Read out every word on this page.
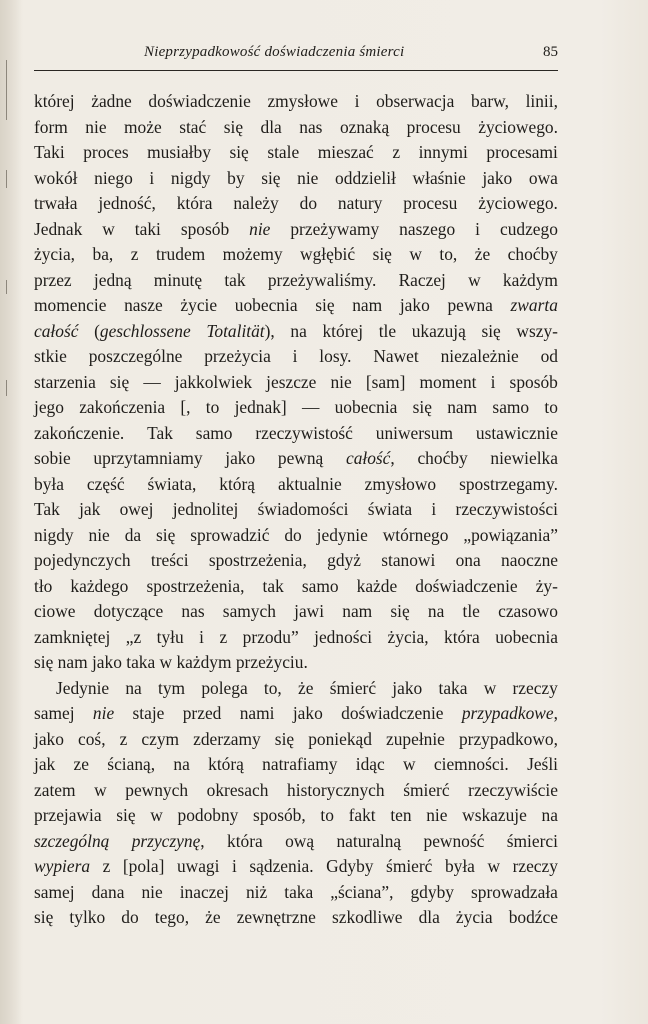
Nieprzypadkowość doświadczenia śmierci	85
której żadne doświadczenie zmysłowe i obserwacja barw, linii,
form nie może stać się dla nas oznaką procesu życiowego.
Taki proces musiałby się stale mieszać z innymi procesami
wokół niego i nigdy by się nie oddzielił właśnie jako owa
trwała jedność, która należy do natury procesu życiowego.
Jednak w taki sposób nie przeżywamy naszego i cudzego
życia, ba, z trudem możemy wgłębić się w to, że choćby
przez jedną minutę tak przeżywaliśmy. Raczej w każdym
momencie nasze życie uobecnia się nam jako pewna zwarta
całość (geschlossene Totalität), na której tle ukazują się wszy-
stkie poszczególne przeżycia i losy. Nawet niezależnie od
starzenia się — jakkolwiek jeszcze nie [sam] moment i sposób
jego zakończenia [, to jednak] — uobecnia się nam samo to
zakończenie. Tak samo rzeczywistość uniwersum ustawicznie
sobie uprzytamniamy jako pewną całość, choćby niewielka
była część świata, którą aktualnie zmysłowo spostrzegamy.
Tak jak owej jednolitej świadomości świata i rzeczywistości
nigdy nie da się sprowadzić do jedynie wtórnego „powiązania”
pojedynczych treści spostrzeżenia, gdyż stanowi ona naoczne
tło każdego spostrzeżenia, tak samo każde doświadczenie ży-
ciowe dotyczące nas samych jawi nam się na tle czasowo
zamkniętej „z tyłu i z przodu” jedności życia, która uobecnia
się nam jako taka w każdym przeżyciu.
Jedynie na tym polega to, że śmierć jako taka w rzeczy
samej nie staje przed nami jako doświadczenie przypadkowe,
jako coś, z czym zderzamy się poniekąd zupełnie przypadkowo,
jak ze ścianą, na którą natrafiamy idąc w ciemności. Jeśli
zatem w pewnych okresach historycznych śmierć rzeczywiście
przejawia się w podobny sposób, to fakt ten nie wskazuje na
szczególną przyczynę, która ową naturalną pewność śmierci
wypiera z [pola] uwagi i sądzenia. Gdyby śmierć była w rzeczy
samej dana nie inaczej niż taka „ściana”, gdyby sprowadzała
się tylko do tego, że zewnętrzne szkodliwe dla życia bodźce
